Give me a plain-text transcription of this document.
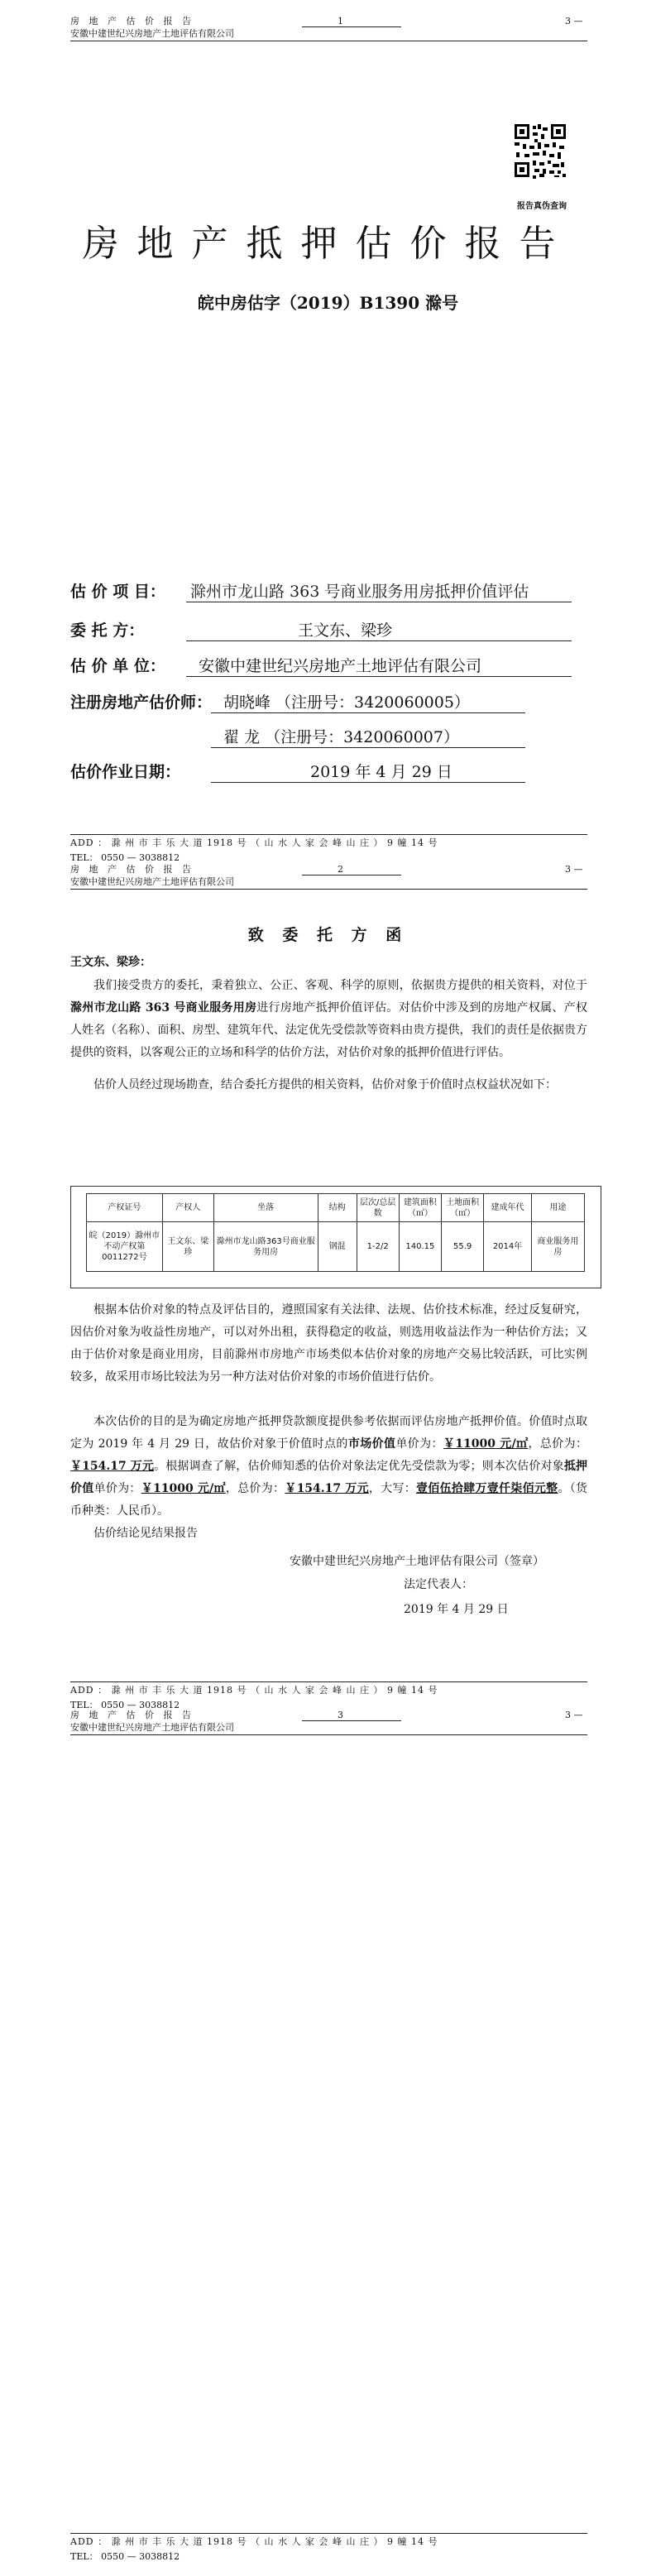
房 地 产 估 价 报 告	1	3 —
安徽中建世纪兴房地产土地评估有限公司
报告真伪查询
房地产抵押估价报告
皖中房估字（2019）B1390 滁号
估 价 项 目： 滁州市龙山路 363 号商业服务用房抵押价值评估
委 托 方：	王文东、梁珍
估 价 单 位： 安徽中建世纪兴房地产土地评估有限公司
注册房地产估价师： 胡晓峰 （注册号：3420060005）
翟 龙 （注册号：3420060007）
估价作业日期：	2019 年 4 月 29 日
ADD ： 滁 州 市 丰 乐 大 道 1918 号 （ 山 水 人 家 会 峰 山 庄 ） 9 幢 14 号
TEL： 0550 — 3038812
房 地 产 估 价 报 告	2	3 —
安徽中建世纪兴房地产土地评估有限公司
致 委 托 方 函
王文东、梁珍：
我们接受贵方的委托，秉着独立、公正、客观、科学的原则，依据贵方提供的相关资料，对位于滁州市龙山路 363 号商业服务用房进行房地产抵押价值评估。对估价中涉及到的房地产权属、产权人姓名（名称）、面积、房型、建筑年代、法定优先受偿款等资料由贵方提供，我们的责任是依据贵方提供的资料，以客观公正的立场和科学的估价方法，对估价对象的抵押价值进行评估。
估价人员经过现场勘查，结合委托方提供的相关资料，估价对象于价值时点权益状况如下：
产权证号	产权人	坐落	结构	层次/总层数	建筑面积（㎡）	土地面积（㎡）	建成年代	用途
皖（2019）滁州市不动产权第0011272号	王文东、梁珍	滁州市龙山路363号商业服务用房	钢混	1-2/2	140.15	55.9	2014年	商业服务用房
根据本估价对象的特点及评估目的，遵照国家有关法律、法规、估价技术标准，经过反复研究，因估价对象为收益性房地产，可以对外出租，获得稳定的收益，则选用收益法作为一种估价方法；又由于估价对象是商业用房，目前滁州市房地产市场类似本估价对象的房地产交易比较活跃，可比实例较多，故采用市场比较法为另一种方法对估价对象的市场价值进行估价。
本次估价的目的是为确定房地产抵押贷款额度提供参考依据而评估房地产抵押价值。价值时点取定为 2019 年 4 月 29 日，故估价对象于价值时点的市场价值单价为：￥11000 元/㎡，总价为：￥154.17 万元。根据调查了解，估价师知悉的估价对象法定优先受偿款为零；则本次估价对象抵押价值单价为：￥11000 元/㎡，总价为：￥154.17 万元，大写：壹佰伍拾肆万壹仟柒佰元整。（货币种类：人民币）。
估价结论见结果报告
安徽中建世纪兴房地产土地评估有限公司（签章）
法定代表人：
2019 年 4 月 29 日
ADD ： 滁 州 市 丰 乐 大 道 1918 号 （ 山 水 人 家 会 峰 山 庄 ） 9 幢 14 号
TEL： 0550 — 3038812
房 地 产 估 价 报 告	3	3 —
安徽中建世纪兴房地产土地评估有限公司
ADD ： 滁 州 市 丰 乐 大 道 1918 号 （ 山 水 人 家 会 峰 山 庄 ） 9 幢 14 号
TEL： 0550 — 3038812
